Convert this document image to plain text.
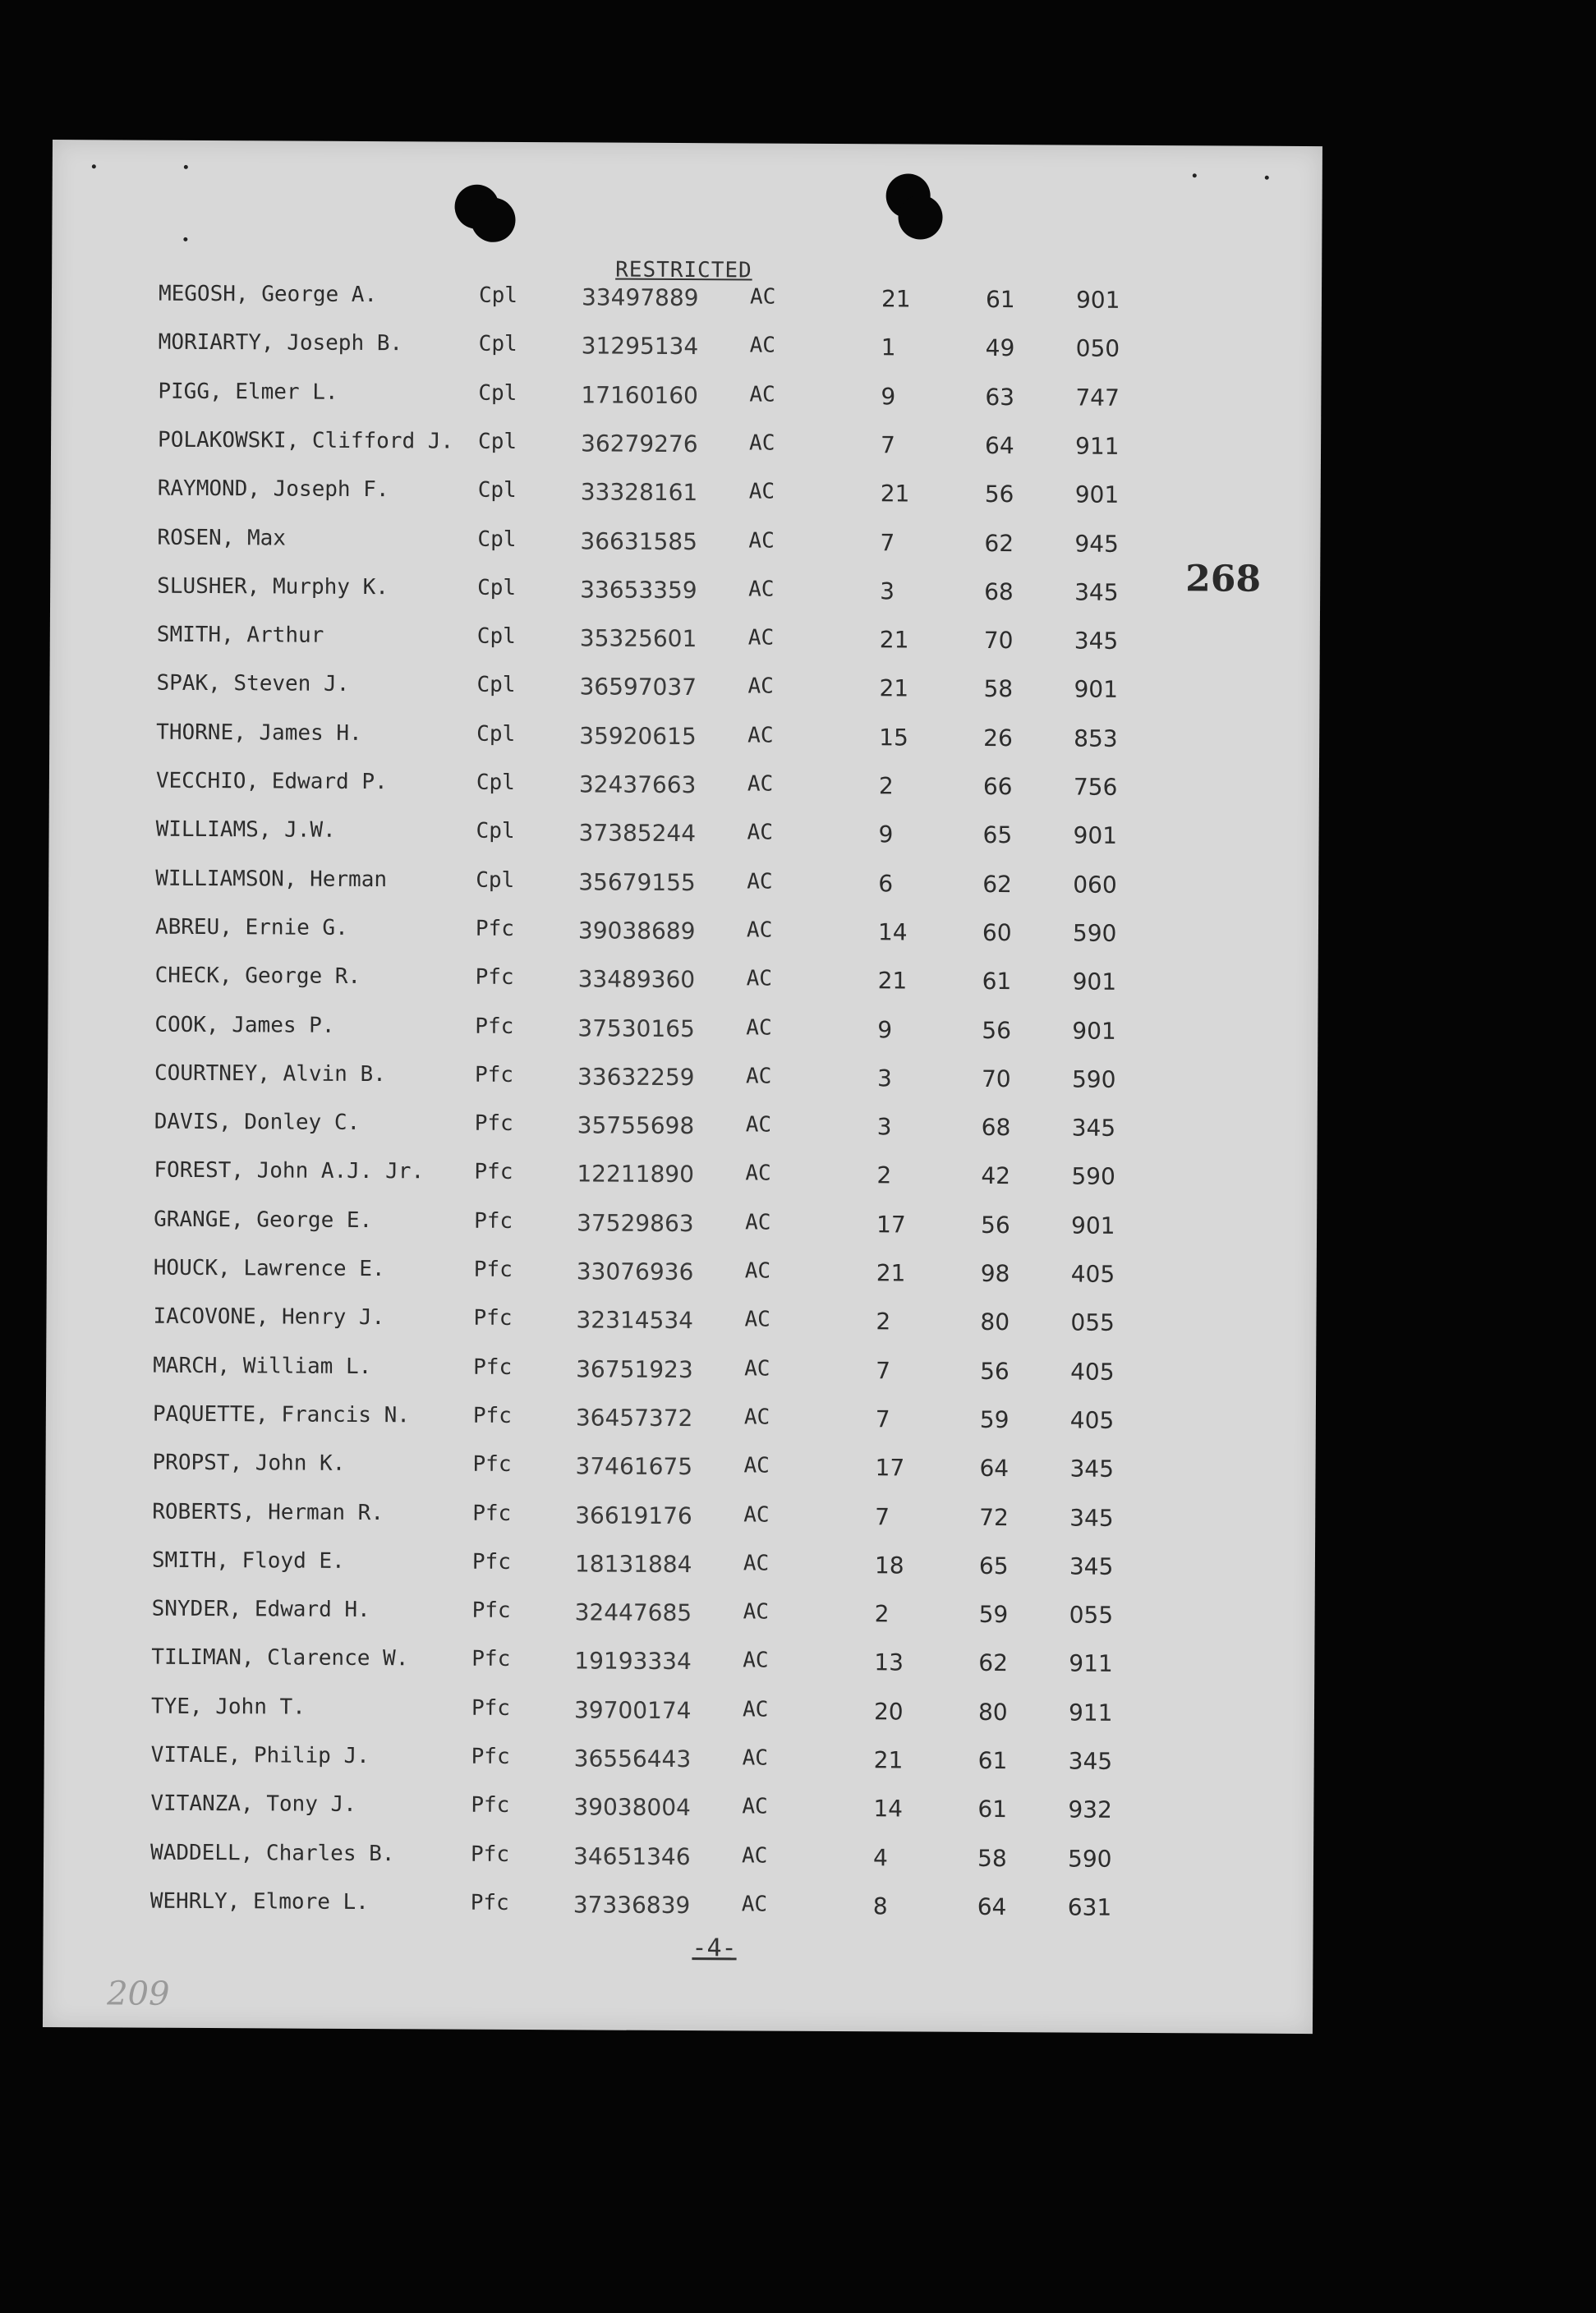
RESTRICTED
268
MEGOSH, George A.	Cpl	33497889 AC	21	61	901
MORIARTY, Joseph B.	Cpl	31295134 AC	1	49	050
PIGG, Elmer L.	Cpl	17160160 AC	9	63	747
POLAKOWSKI, Clifford J. Cpl	36279276 AC	7	64	911
RAYMOND, Joseph F.	Cpl	33328161 AC	21	56	901
ROSEN, Max	Cpl	36631585 AC	7	62	945
SLUSHER, Murphy K.	Cpl	33653359 AC	3	68	345
SMITH, Arthur	Cpl	35325601 AC	21	70	345
SPAK, Steven J.	Cpl	36597037 AC	21	58	901
THORNE, James H.	Cpl	35920615 AC	15	26	853
VECCHIO, Edward P.	Cpl	32437663 AC	2	66	756
WILLIAMS, J.W.	Cpl	37385244 AC	9	65	901
WILLIAMSON, Herman	Cpl	35679155 AC	6	62	060
ABREU, Ernie G.	Pfc	39038689 AC	14	60	590
CHECK, George R.	Pfc	33489360 AC	21	61	901
COOK, James P.	Pfc	37530165 AC	9	56	901
COURTNEY, Alvin B.	Pfc	33632259 AC	3	70	590
DAVIS, Donley C.	Pfc	35755698 AC	3	68	345
FOREST, John A.J. Jr. Pfc	12211890 AC	2	42	590
GRANGE, George E.	Pfc	37529863 AC	17	56	901
HOUCK, Lawrence E.	Pfc	33076936 AC	21	98	405
IACOVONE, Henry J.	Pfc	32314534 AC	2	80	055
MARCH, William L.	Pfc	36751923 AC	7	56	405
PAQUETTE, Francis N.	Pfc	36457372 AC	7	59	405
PROPST, John K.	Pfc	37461675 AC	17	64	345
ROBERTS, Herman R.	Pfc	36619176 AC	7	72	345
SMITH, Floyd E.	Pfc	18131884 AC	18	65	345
SNYDER, Edward H.	Pfc	32447685 AC	2	59	055
TILIMAN, Clarence W.	Pfc	19193334 AC	13	62	911
TYE, John T.	Pfc	39700174 AC	20	80	911
VITALE, Philip J.	Pfc	36556443 AC	21	61	345
VITANZA, Tony J.	Pfc	39038004 AC	14	61	932
WADDELL, Charles B.	Pfc	34651346 AC	4	58	590
WEHRLY, Elmore L.	Pfc	37336839 AC	8	64	631
-4-
209
